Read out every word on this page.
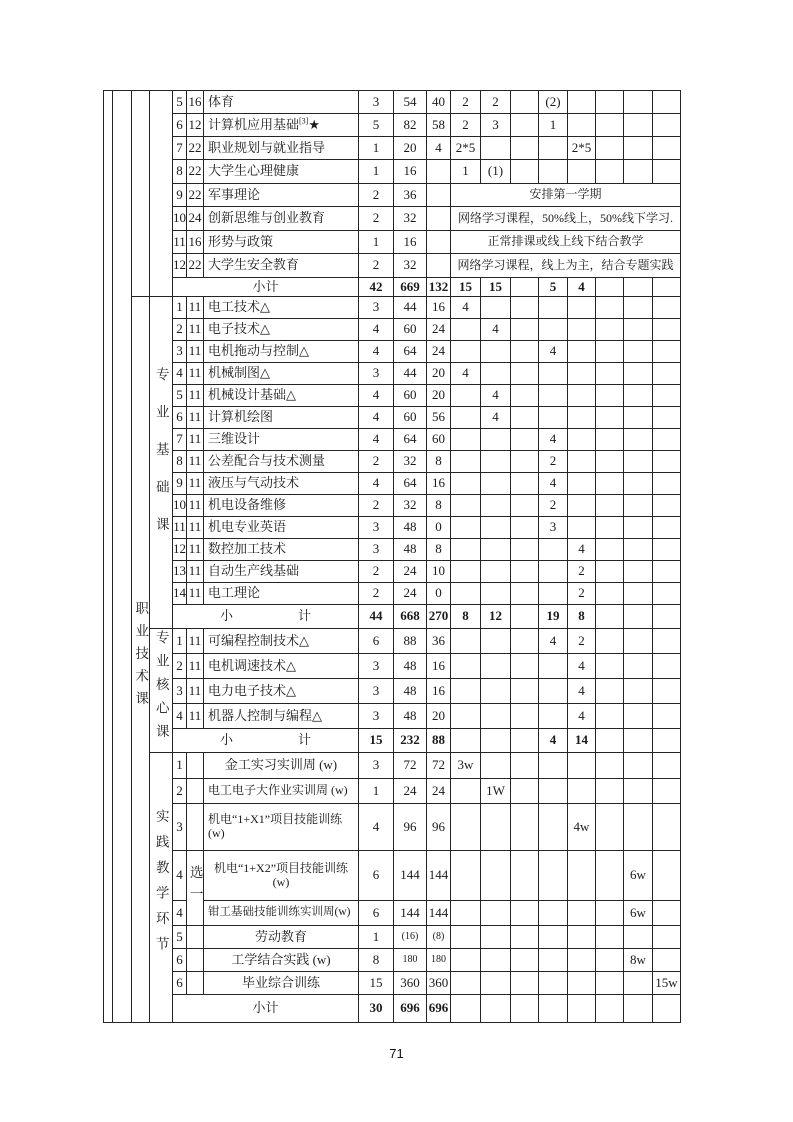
				5	16	体育	3	54	40	2	2		(2)				
				6	12	计算机应用基础[3]★	5	82	58	2	3		1				
				7	22	职业规划与就业指导	1	20	4	2*5				2*5			
				8	22	大学生心理健康	1	16		1	(1)						
				9	22	军事理论	2	36		安排第一学期							
				10	24	创新思维与创业教育	2	32		网络学习课程，50%线上，50%线下学习.							
				11	16	形势与政策	1	16		正常排课或线上线下结合教学							
				12	22	大学生安全教育	2	32		网络学习课程，线上为主，结合专题实践							
				小计			42	669	132	15	15		5	4			
		职业技术课	专业基础课	1	11	电工技术△	3	44	16	4							
				2	11	电子技术△	4	60	24		4						
				3	11	电机拖动与控制△	4	64	24				4				
				4	11	机械制图△	3	44	20	4							
				5	11	机械设计基础△	4	60	20		4						
				6	11	计算机绘图	4	60	56		4						
				7	11	三维设计	4	64	60				4				
				8	11	公差配合与技术测量	2	32	8				2				
				9	11	液压与气动技术	4	64	16				4				
				10	11	机电设备维修	2	32	8				2				
				11	11	机电专业英语	3	48	0				3				
				12	11	数控加工技术	3	48	8					4			
				13	11	自动生产线基础	2	24	10					2			
				14	11	电工理论	2	24	0					2			
				小　　　　　计			44	668	270	8	12		19	8			
			专业核心课	1	11	可编程控制技术△	6	88	36				4	2			
				2	11	电机调速技术△	3	48	16					4			
				3	11	电力电子技术△	3	48	16					4			
				4	11	机器人控制与编程△	3	48	20					4			
				小　　　　　计			15	232	88				4	14			
			实践教学环节	1		金工实习实训周 (w)	3	72	72	3w							
				2		电工电子大作业实训周 (w)	1	24	24		1W						
				3		机电“1+X1”项目技能训练
(w)	4	96	96					4w			
				4	选一	机电“1+X2”项目技能训练
(w)	6	144	144							6w	
				4		钳工基础技能训练实训周(w)	6	144	144							6w	
				5		劳动教育	1	(16)	(8)								
				6		工学结合实践 (w)	8	180	180							8w	
				6		毕业综合训练	15	360	360								15w
				小计			30	696	696								
71
